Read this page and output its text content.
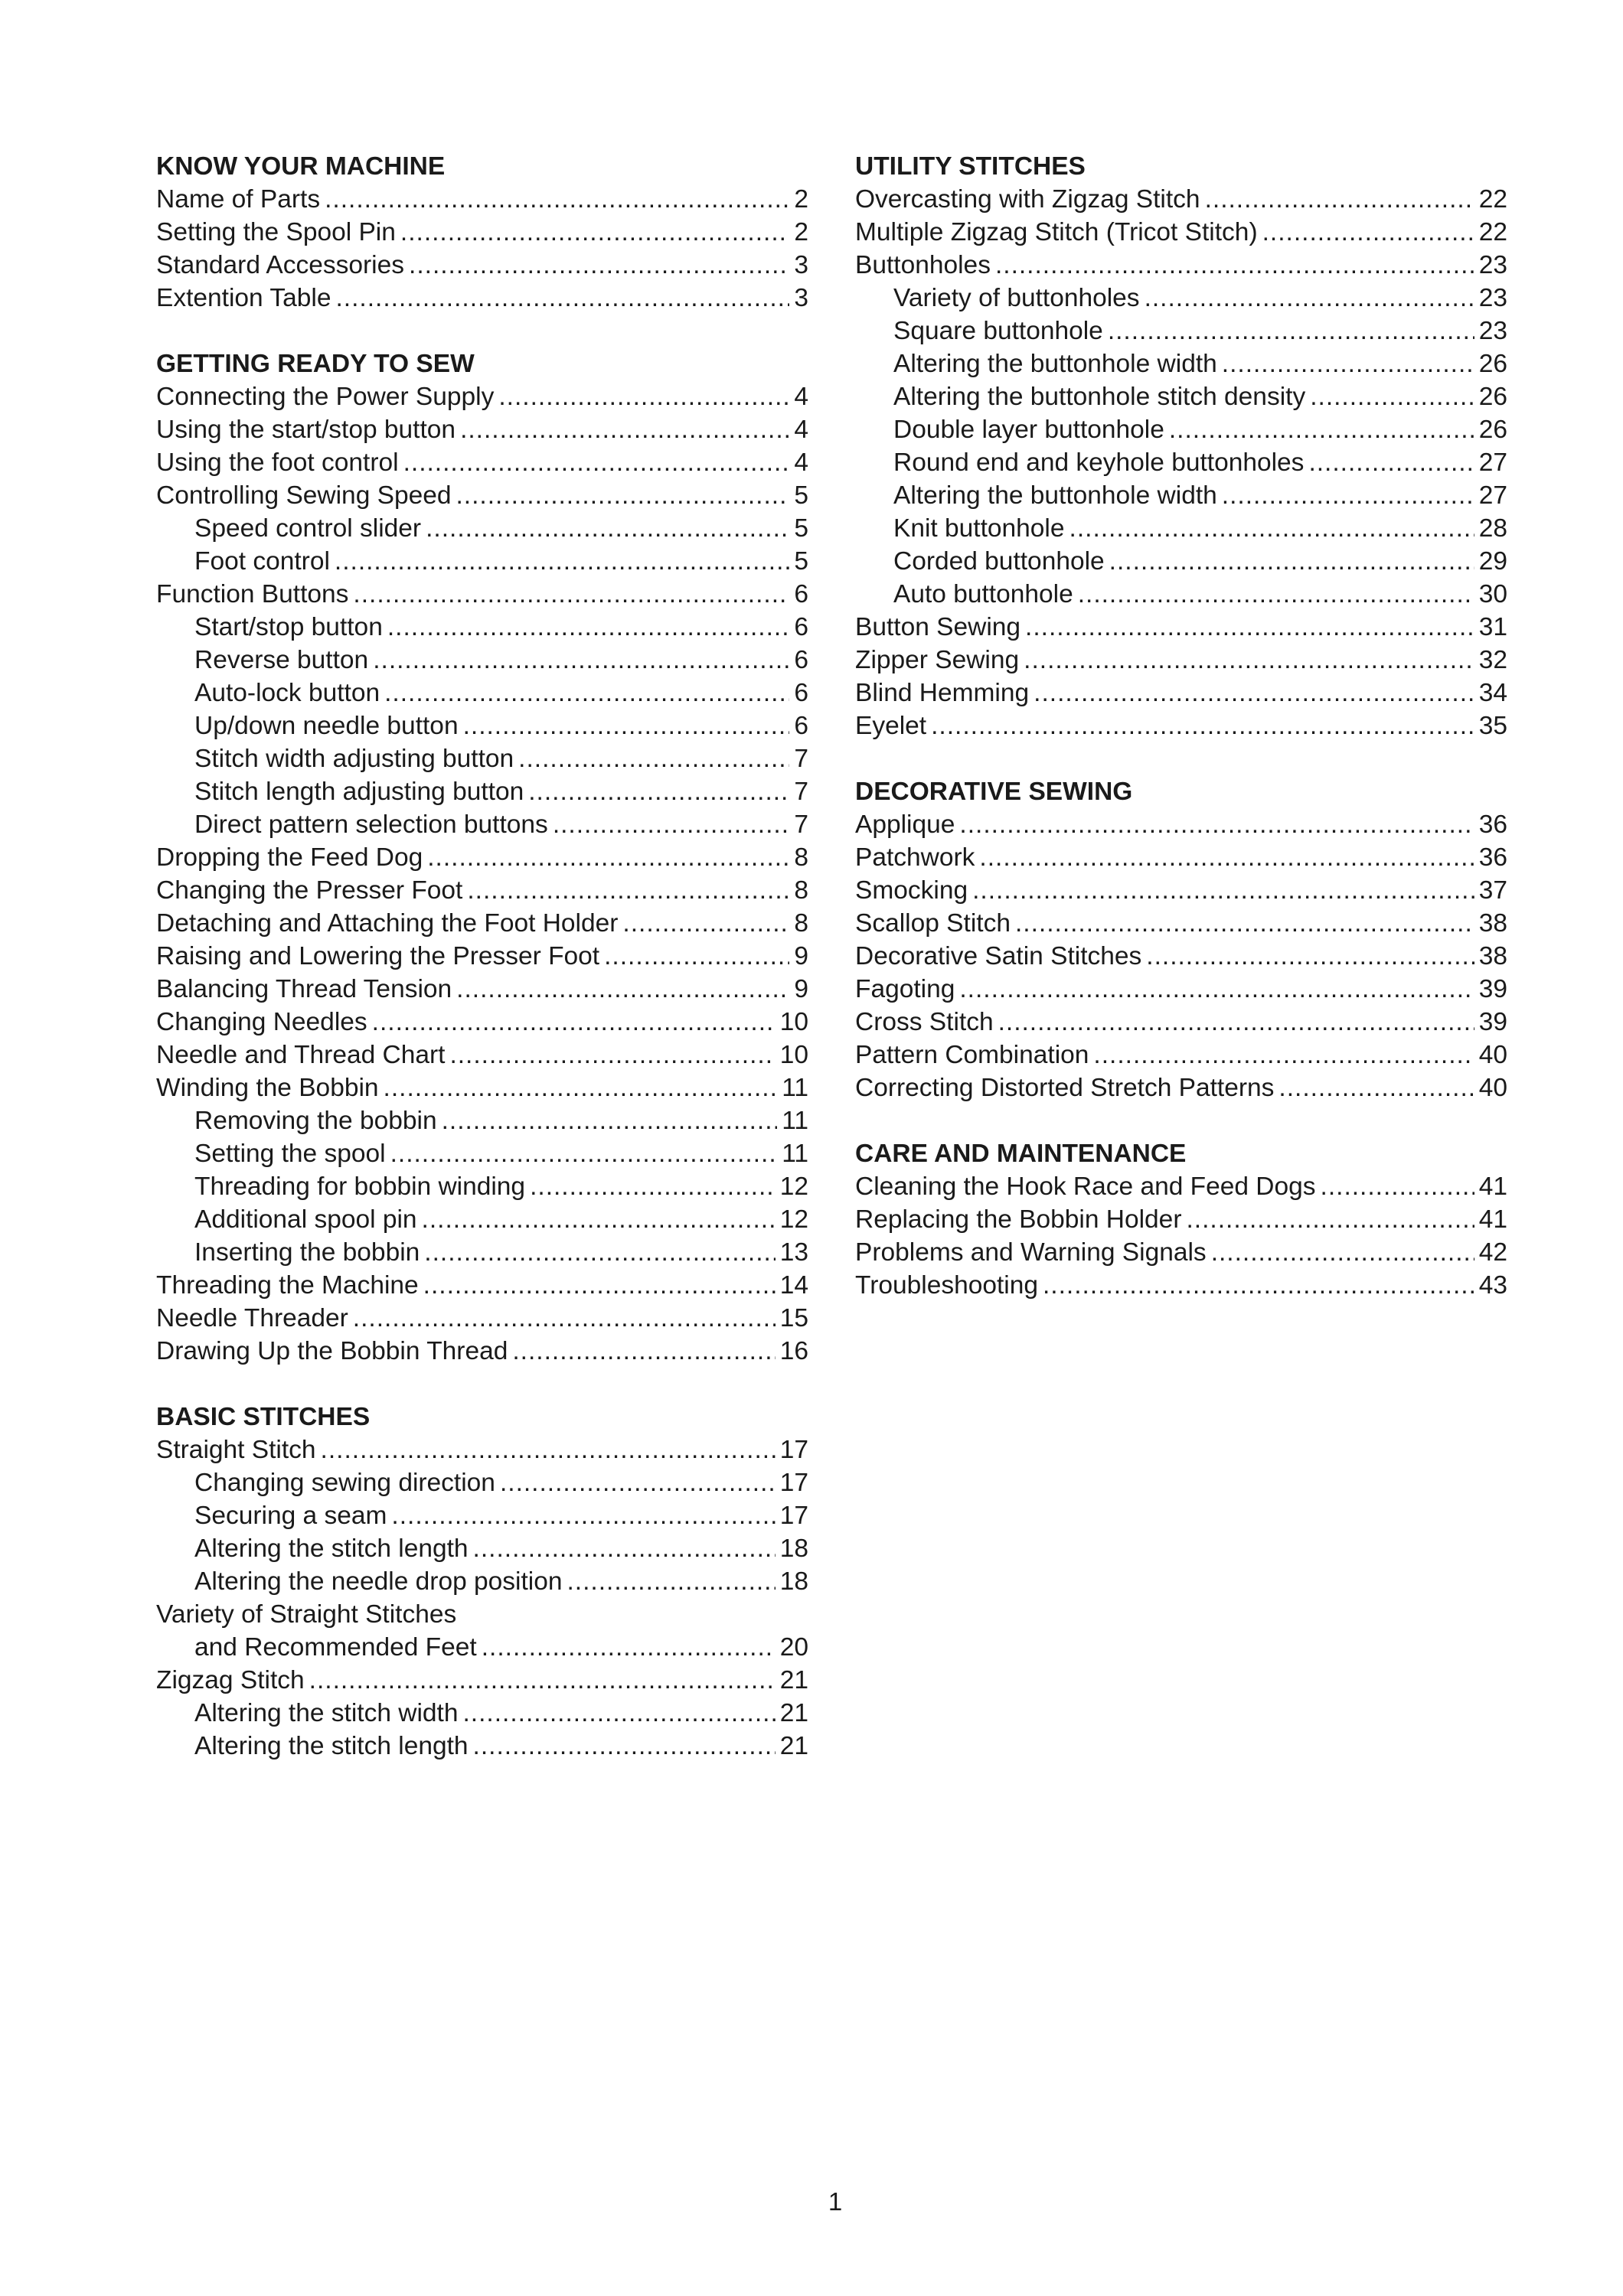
KNOW YOUR MACHINE
Name of Parts .....	2
Setting the Spool Pin .....	2
Standard Accessories .....	3
Extention Table .....	3
GETTING READY TO SEW
Connecting the Power Supply .....	4
Using the start/stop button .....	4
Using the foot control .....	4
Controlling Sewing Speed .....	5
Speed control slider .....	5
Foot control .....	5
Function Buttons .....	6
Start/stop button .....	6
Reverse button .....	6
Auto-lock button .....	6
Up/down needle button .....	6
Stitch width adjusting button .....	7
Stitch length adjusting button .....	7
Direct pattern selection buttons .....	7
Dropping the Feed Dog .....	8
Changing the Presser Foot .....	8
Detaching and Attaching the Foot Holder .....	8
Raising and Lowering the Presser Foot .....	9
Balancing Thread Tension .....	9
Changing Needles .....	10
Needle and Thread Chart .....	10
Winding the Bobbin .....	11
Removing the bobbin .....	11
Setting the spool .....	11
Threading for bobbin winding .....	12
Additional spool pin .....	12
Inserting the bobbin .....	13
Threading the Machine .....	14
Needle Threader .....	15
Drawing Up the Bobbin Thread .....	16
BASIC STITCHES
Straight Stitch .....	17
Changing sewing direction .....	17
Securing a seam .....	17
Altering the stitch length .....	18
Altering the needle drop position .....	18
Variety of Straight Stitches
and Recommended Feet .....	20
Zigzag Stitch .....	21
Altering the stitch width .....	21
Altering the stitch length .....	21
UTILITY STITCHES
Overcasting with Zigzag Stitch .....	22
Multiple Zigzag Stitch (Tricot Stitch) .....	22
Buttonholes .....	23
Variety of buttonholes .....	23
Square buttonhole .....	23
Altering the buttonhole width .....	26
Altering the buttonhole stitch density .....	26
Double layer buttonhole .....	26
Round end and keyhole buttonholes .....	27
Altering the buttonhole width .....	27
Knit buttonhole .....	28
Corded buttonhole .....	29
Auto buttonhole .....	30
Button Sewing .....	31
Zipper Sewing .....	32
Blind Hemming .....	34
Eyelet .....	35
DECORATIVE SEWING
Applique .....	36
Patchwork .....	36
Smocking .....	37
Scallop Stitch .....	38
Decorative Satin Stitches .....	38
Fagoting .....	39
Cross Stitch .....	39
Pattern Combination .....	40
Correcting Distorted Stretch Patterns .....	40
CARE AND MAINTENANCE
Cleaning the Hook Race and Feed Dogs .....	41
Replacing the Bobbin Holder .....	41
Problems and Warning Signals .....	42
Troubleshooting .....	43
1
